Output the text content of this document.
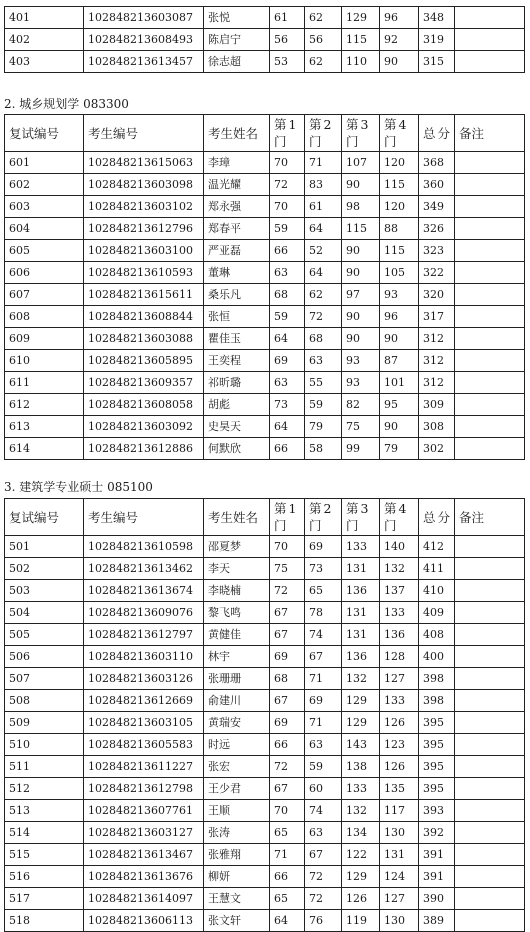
401	102848213603087	张悦	61	62	129	96	348	
402	102848213608493	陈启宁	56	56	115	92	319	
403	102848213613457	徐志超	53	62	110	90	315	
2. 城乡规划学 083300
复试编号	考生编号	考生姓名	第1门	第2门	第3门	第4门	总分	备注
601	102848213615063	李璋	70	71	107	120	368	
602	102848213603098	温光耀	72	83	90	115	360	
603	102848213603102	郑永强	70	61	98	120	349	
604	102848213612796	郑春平	59	64	115	88	326	
605	102848213603100	严亚磊	66	52	90	115	323	
606	102848213610593	董琳	63	64	90	105	322	
607	102848213615611	桑乐凡	68	62	97	93	320	
608	102848213608844	张恒	59	72	90	96	317	
609	102848213603088	瞿佳玉	64	68	90	90	312	
610	102848213605895	王奕程	69	63	93	87	312	
611	102848213609357	祁昕璐	63	55	93	101	312	
612	102848213608058	胡彪	73	59	82	95	309	
613	102848213603092	史昊天	64	79	75	90	308	
614	102848213612886	何默欣	66	58	99	79	302	
3. 建筑学专业硕士 085100
复试编号	考生编号	考生姓名	第1门	第2门	第3门	第4门	总分	备注
501	102848213610598	邵夏梦	70	69	133	140	412	
502	102848213613462	李天	75	73	131	132	411	
503	102848213613674	李晓楠	72	65	136	137	410	
504	102848213609076	黎飞鸣	67	78	131	133	409	
505	102848213612797	黄健佳	67	74	131	136	408	
506	102848213603110	林宇	69	67	136	128	400	
507	102848213603126	张珊珊	68	71	132	127	398	
508	102848213612669	俞建川	67	69	129	133	398	
509	102848213603105	黄瑞安	69	71	129	126	395	
510	102848213605583	时远	66	63	143	123	395	
511	102848213611227	张宏	72	59	138	126	395	
512	102848213612798	王少君	67	60	133	135	395	
513	102848213607761	王顺	70	74	132	117	393	
514	102848213603127	张涛	65	63	134	130	392	
515	102848213613467	张雅翔	71	67	122	131	391	
516	102848213613676	柳妍	66	72	129	124	391	
517	102848213614097	王慧文	65	72	126	127	390	
518	102848213606113	张文轩	64	76	119	130	389	
